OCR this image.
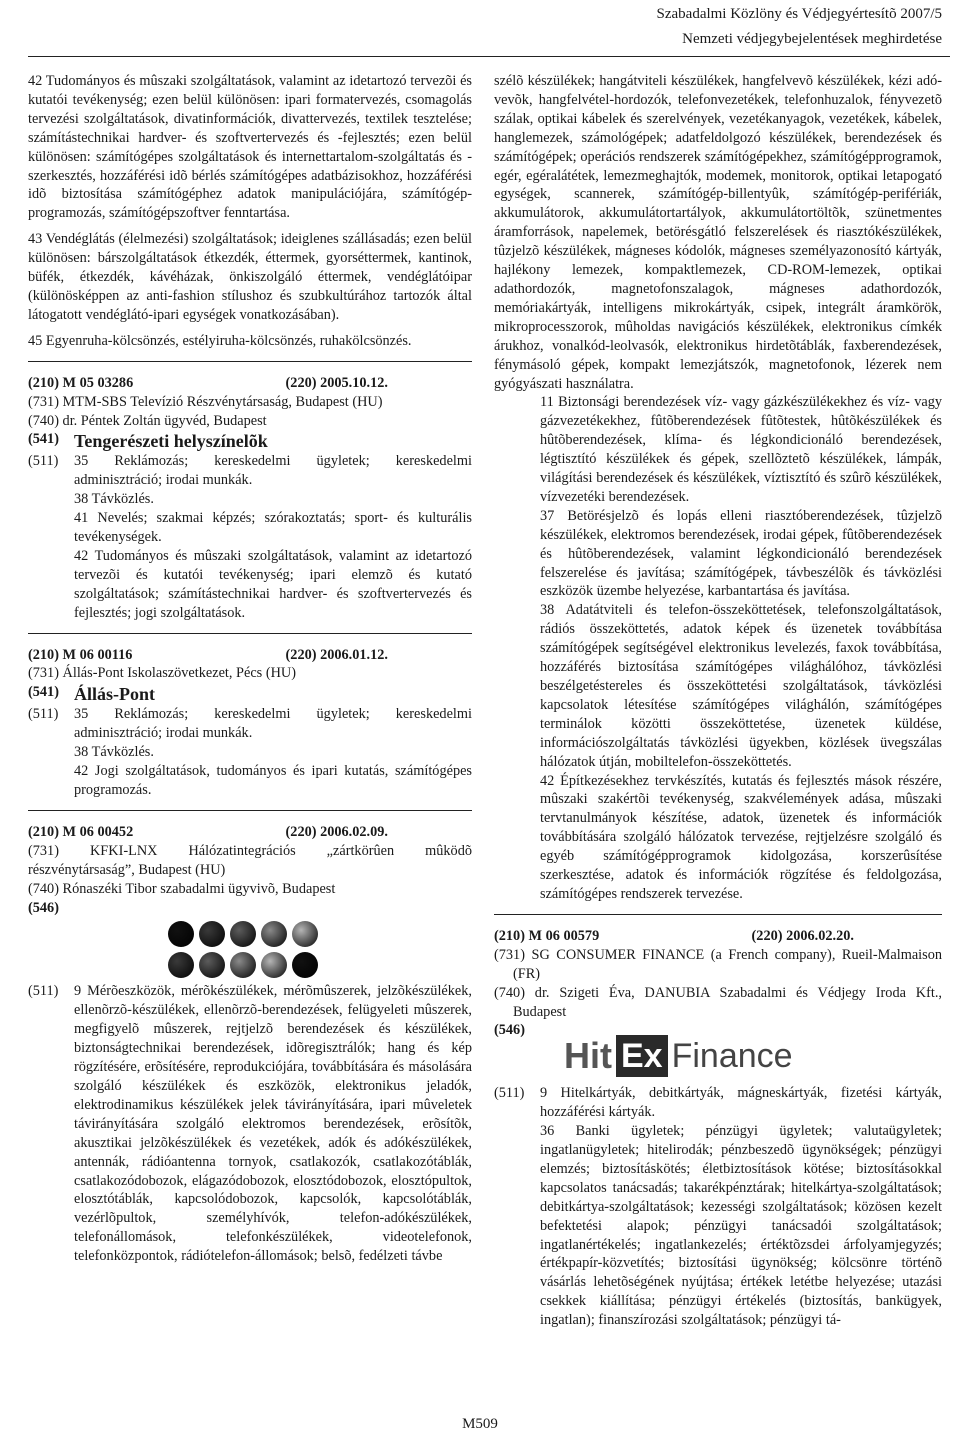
Szabadalmi Közlöny és Védjegyértesítõ 2007/5
Nemzeti védjegybejelentések meghirdetése

42 Tudományos és mûszaki szolgáltatások, valamint az idetartozó tervezõi és kutatói tevékenység; ezen belül különösen: ipari formatervezés, csomagolás tervezési szolgáltatások, divatinformációk, divattervezés, textilek tesztelése; számítástechnikai hardver- és szoftvertervezés és -fejlesztés; ezen belül különösen: számítógépes szolgáltatások és internettartalom-szolgáltatás és -szerkesztés, hozzáférési idõ bérlés számítógépes adatbázisokhoz, hozzáférési idõ biztosítása számítógéphez adatok manipulációjára, számítógép-programozás, számítógépszoftver fenntartása.

43 Vendéglátás (élelmezési) szolgáltatások; ideiglenes szállásadás; ezen belül különösen: bárszolgáltatások étkezdék, éttermek, gyorséttermek, kantinok, büfék, étkezdék, kávéházak, önkiszolgáló éttermek, vendéglátóipar (különösképpen az anti-fashion stílushoz és szubkultúrához tartozók által látogatott vendéglátó-ipari egységek vonatkozásában).

45 Egyenruha-kölcsönzés, estélyiruha-kölcsönzés, ruhakölcsönzés.

(210) M 05 03286	(220) 2005.10.12.

(731) MTM-SBS Televízió Részvénytársaság, Budapest (HU)

(740) dr. Péntek Zoltán ügyvéd, Budapest

(541) Tengerészeti helyszínelõk
(511) 35 Reklámozás; kereskedelmi ügyletek; kereskedelmi adminisztráció; irodai munkák.

38 Távközlés.

41 Nevelés; szakmai képzés; szórakoztatás; sport- és kulturális tevékenységek.

42 Tudományos és mûszaki szolgáltatások, valamint az idetartozó tervezõi és kutatói tevékenység; ipari elemzõ és kutató szolgáltatások; számítástechnikai hardver- és szoftvertervezés és fejlesztés; jogi szolgáltatások.

(210) M 06 00116	(220) 2006.01.12.

(731) Állás-Pont Iskolaszövetkezet, Pécs (HU)

(541) Állás-Pont
(511) 35 Reklámozás; kereskedelmi ügyletek; kereskedelmi adminisztráció; irodai munkák.

38 Távközlés.

42 Jogi szolgáltatások, tudományos és ipari kutatás, számítógépes programozás.

(210) M 06 00452	(220) 2006.02.09.

(731) KFKI-LNX Hálózatintegrációs „zártkörûen mûködõ részvénytársaság”, Budapest (HU)

(740) Rónaszéki Tibor szabadalmi ügyvivõ, Budapest

(546)
(511) 9 Mérõeszközök, mérõkészülékek, mérõmûszerek, jelzõkészülékek, ellenõrzõ-készülékek, ellenõrzõ-berendezések, felügyeleti mûszerek, megfigyelõ mûszerek, rejtjelzõ berendezések és készülékek, biztonságtechnikai berendezések, idõregisztrálók; hang és kép rögzítésére, erõsítésére, reprodukciójára, továbbítására és másolására szolgáló készülékek és eszközök, elektronikus jeladók, elektrodinamikus készülékek jelek távirányítására, ipari mûveletek távirányítására szolgáló elektromos berendezések, erõsítõk, akusztikai jelzõkészülékek és vezetékek, adók és adókészülékek, antennák, rádióantenna tornyok, csatlakozók, csatlakozótáblák, csatlakozódobozok, elágazódobozok, elosztódobozok, elosztópultok, elosztótáblák, kapcsolódobozok, kapcsolók, kapcsolótáblák, vezérlõpultok, személyhívók, telefon-adókészülékek, telefonállomások, telefonkészülékek, videotelefonok, telefonközpontok, rádiótelefon-állomások; belsõ, fedélzeti távbe

szélõ készülékek; hangátviteli készülékek, hangfelvevõ készülékek, kézi adó-vevõk, hangfelvétel-hordozók, telefonvezetékek, telefonhuzalok, fényvezetõ szálak, optikai kábelek és szerelvények, vezetékanyagok, vezetékek, kábelek, hanglemezek, számológépek; adatfeldolgozó készülékek, berendezések és számítógépek; operációs rendszerek számítógépekhez, számítógépprogramok, egér, egéralátétek, lemezmeghajtók, modemek, monitorok, optikai letapogató egységek, scannerek, számítógép-billentyûk, számítógép-perifériák, akkumulátorok, akkumulátortartályok, akkumulátortöltõk, szünetmentes áramforrások, napelemek, betörésgátló felszerelések és riasztókészülékek, tûzjelzõ készülékek, mágneses kódolók, mágneses személyazonosító kártyák, hajlékony lemezek, kompaktlemezek, CD-ROM-lemezek, optikai adathordozók, magnetofonszalagok, mágneses adathordozók, memóriakártyák, intelligens mikrokártyák, csipek, integrált áramkörök, mikroprocesszorok, mûholdas navigációs készülékek, elektronikus címkék árukhoz, vonalkód-leolvasók, elektronikus hirdetõtáblák, faxberendezések, fénymásoló gépek, kompakt lemezjátszók, magnetofonok, lézerek nem gyógyászati használatra.

11 Biztonsági berendezések víz- vagy gázkészülékekhez és víz- vagy gázvezetékekhez, fûtõberendezések fûtõtestek, hûtõkészülékek és hûtõberendezések, klíma- és légkondicionáló berendezések, légtisztító készülékek és gépek, szellõztetõ készülékek, lámpák, világítási berendezések és készülékek, víztisztító és szûrõ készülékek, vízvezetéki berendezések.

37 Betörésjelzõ és lopás elleni riasztóberendezések, tûzjelzõ készülékek, elektromos berendezések, irodai gépek, fûtõberendezések és hûtõberendezések, valamint légkondicionáló berendezések felszerelése és javítása; számítógépek, távbeszélõk és távközlési eszközök üzembe helyezése, karbantartása és javítása.

38 Adatátviteli és telefon-összeköttetések, telefonszolgáltatások, rádiós összeköttetés, adatok képek és üzenetek továbbítása számítógépek segítségével elektronikus levelezés, faxok továbbítása, hozzáférés biztosítása számítógépes világhálóhoz, távközlési beszélgetéstereles és összeköttetési szolgáltatások, távközlési kapcsolatok létesítése számítógépes világhálón, számítógépes terminálok közötti összeköttetése, üzenetek küldése, információszolgáltatás távközlési ügyekben, közlések üvegszálas hálózatok útján, mobiltelefon-összeköttetés.

42 Építkezésekhez tervkészítés, kutatás és fejlesztés mások részére, mûszaki szakértõi tevékenység, szakvélemények adása, mûszaki tervtanulmányok készítése, adatok, üzenetek és információk továbbítására szolgáló hálózatok tervezése, rejtjelzésre szolgáló és egyéb számítógépprogramok kidolgozása, korszerûsítése szerkesztése, adatok és információk rögzítése és feldolgozása, számítógépes rendszerek tervezése.

(210) M 06 00579	(220) 2006.02.20.

(731) SG CONSUMER FINANCE (a French company), Rueil-Malmaison (FR)

(740) dr. Szigeti Éva, DANUBIA Szabadalmi és Védjegy Iroda Kft., Budapest

(546)
Hit Ex Finance
(511) 9 Hitelkártyák, debitkártyák, mágneskártyák, fizetési kártyák, hozzáférési kártyák.

36 Banki ügyletek; pénzügyi ügyletek; valutaügyletek; ingatlanügyletek; hitelirodák; pénzbeszedõ ügynökségek; pénzügyi elemzés; biztosításkötés; életbiztosítások kötése; biztosításokkal kapcsolatos tanácsadás; takarékpénztárak; hitelkártya-szolgáltatások; debitkártya-szolgáltatások; kezességi szolgáltatások; közösen kezelt befektetési alapok; pénzügyi tanácsadói szolgáltatások; ingatlanértékelés; ingatlankezelés; értéktõzsdei árfolyamjegyzés; értékpapír-közvetítés; biztosítási ügynökség; kölcsönre történõ vásárlás lehetõségének nyújtása; értékek letétbe helyezése; utazási csekkek kiállítása; pénzügyi értékelés (biztosítás, bankügyek, ingatlan); finanszírozási szolgáltatások; pénzügyi tá-

M509
